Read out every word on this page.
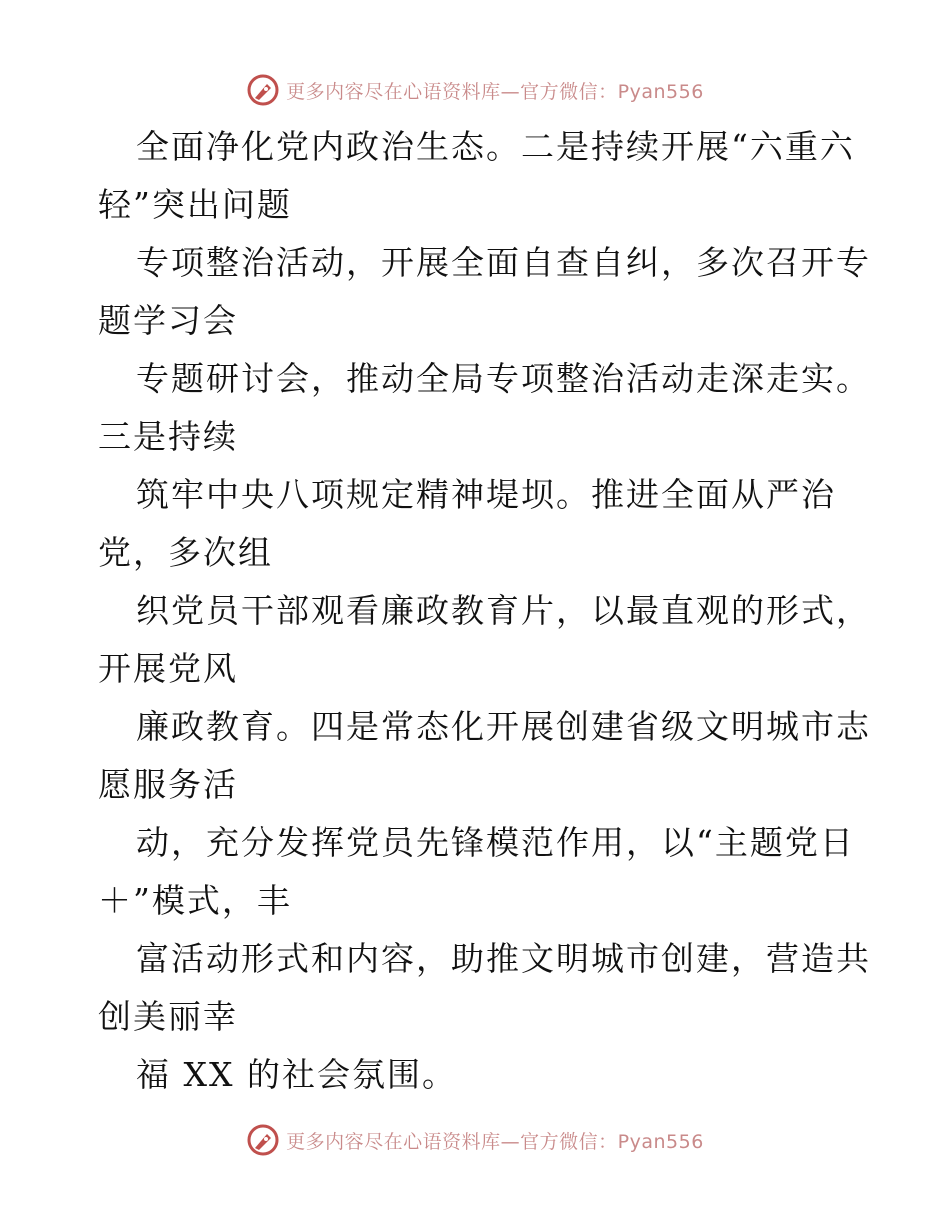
更多内容尽在心语资料库—官方微信：Pyan556
全面净化党内政治生态。二是持续开展“六重六
轻”突出问题
专项整治活动，开展全面自查自纠，多次召开专
题学习会
专题研讨会，推动全局专项整治活动走深走实。
三是持续
筑牢中央八项规定精神堤坝。推进全面从严治
党，多次组
织党员干部观看廉政教育片，以最直观的形式，
开展党风
廉政教育。四是常态化开展创建省级文明城市志
愿服务活
动，充分发挥党员先锋模范作用，以“主题党日
＋”模式，丰
富活动形式和内容，助推文明城市创建，营造共
创美丽幸
福 XX 的社会氛围。
更多内容尽在心语资料库—官方微信：Pyan556
